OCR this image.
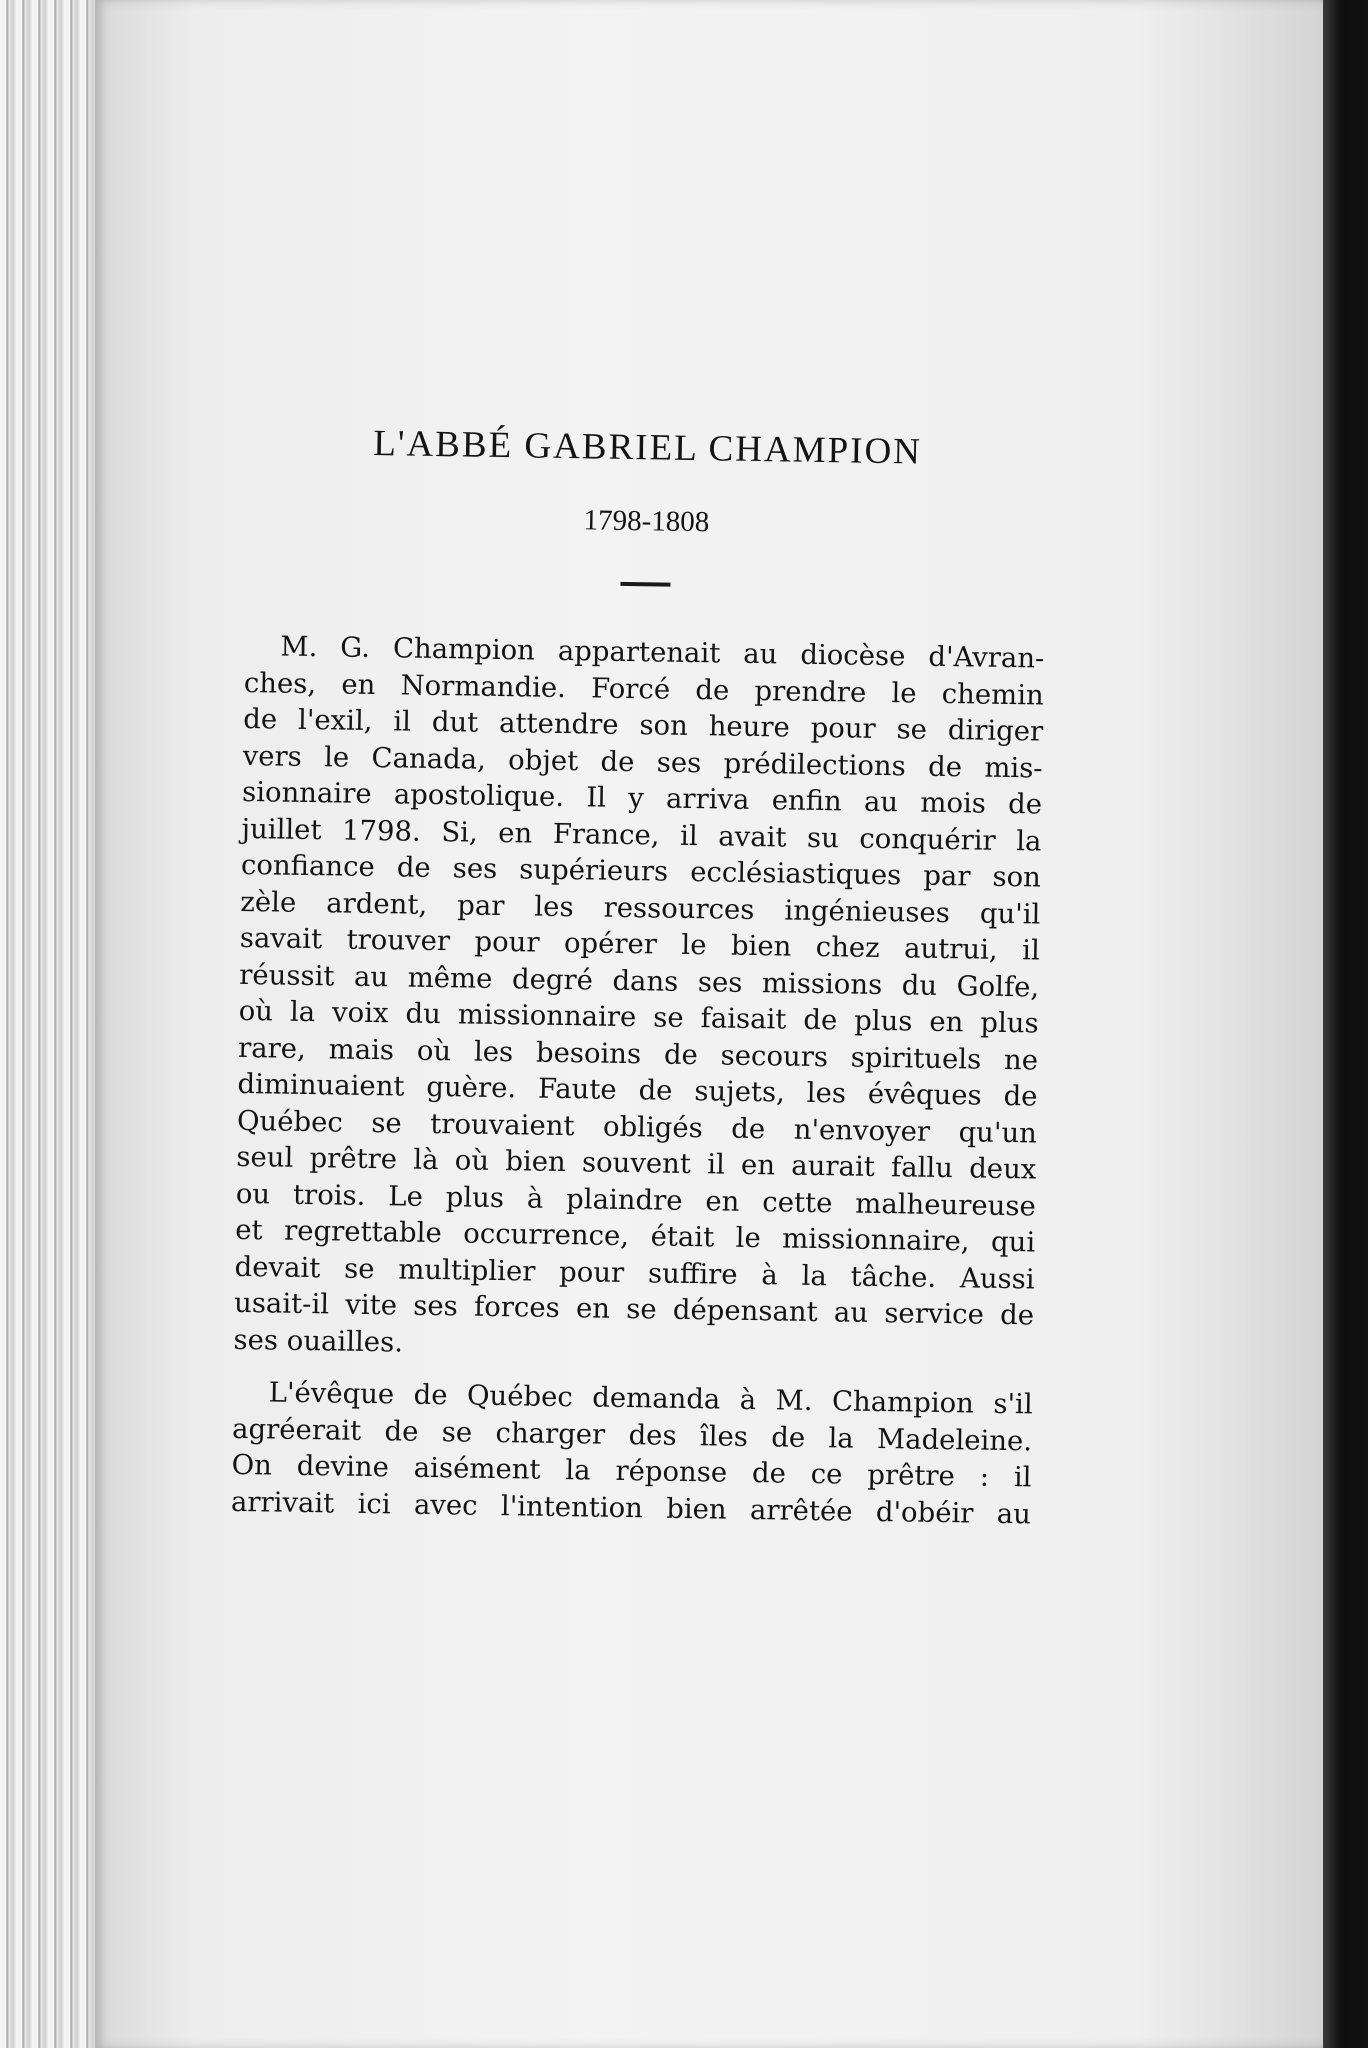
L'ABBÉ GABRIEL CHAMPION
1798-1808

M. G. Champion appartenait au diocèse d'Avran-
ches, en Normandie. Forcé de prendre le chemin
de l'exil, il dut attendre son heure pour se diriger
vers le Canada, objet de ses prédilections de mis-
sionnaire apostolique. Il y arriva enfin au mois de
juillet 1798. Si, en France, il avait su conquérir la
confiance de ses supérieurs ecclésiastiques par son
zèle ardent, par les ressources ingénieuses qu'il
savait trouver pour opérer le bien chez autrui, il
réussit au même degré dans ses missions du Golfe,
où la voix du missionnaire se faisait de plus en plus
rare, mais où les besoins de secours spirituels ne
diminuaient guère. Faute de sujets, les évêques de
Québec se trouvaient obligés de n'envoyer qu'un
seul prêtre là où bien souvent il en aurait fallu deux
ou trois. Le plus à plaindre en cette malheureuse
et regrettable occurrence, était le missionnaire, qui
devait se multiplier pour suffire à la tâche. Aussi
usait-il vite ses forces en se dépensant au service de
ses ouailles.

L'évêque de Québec demanda à M. Champion s'il
agréerait de se charger des îles de la Madeleine.
On devine aisément la réponse de ce prêtre : il
arrivait ici avec l'intention bien arrêtée d'obéir au
